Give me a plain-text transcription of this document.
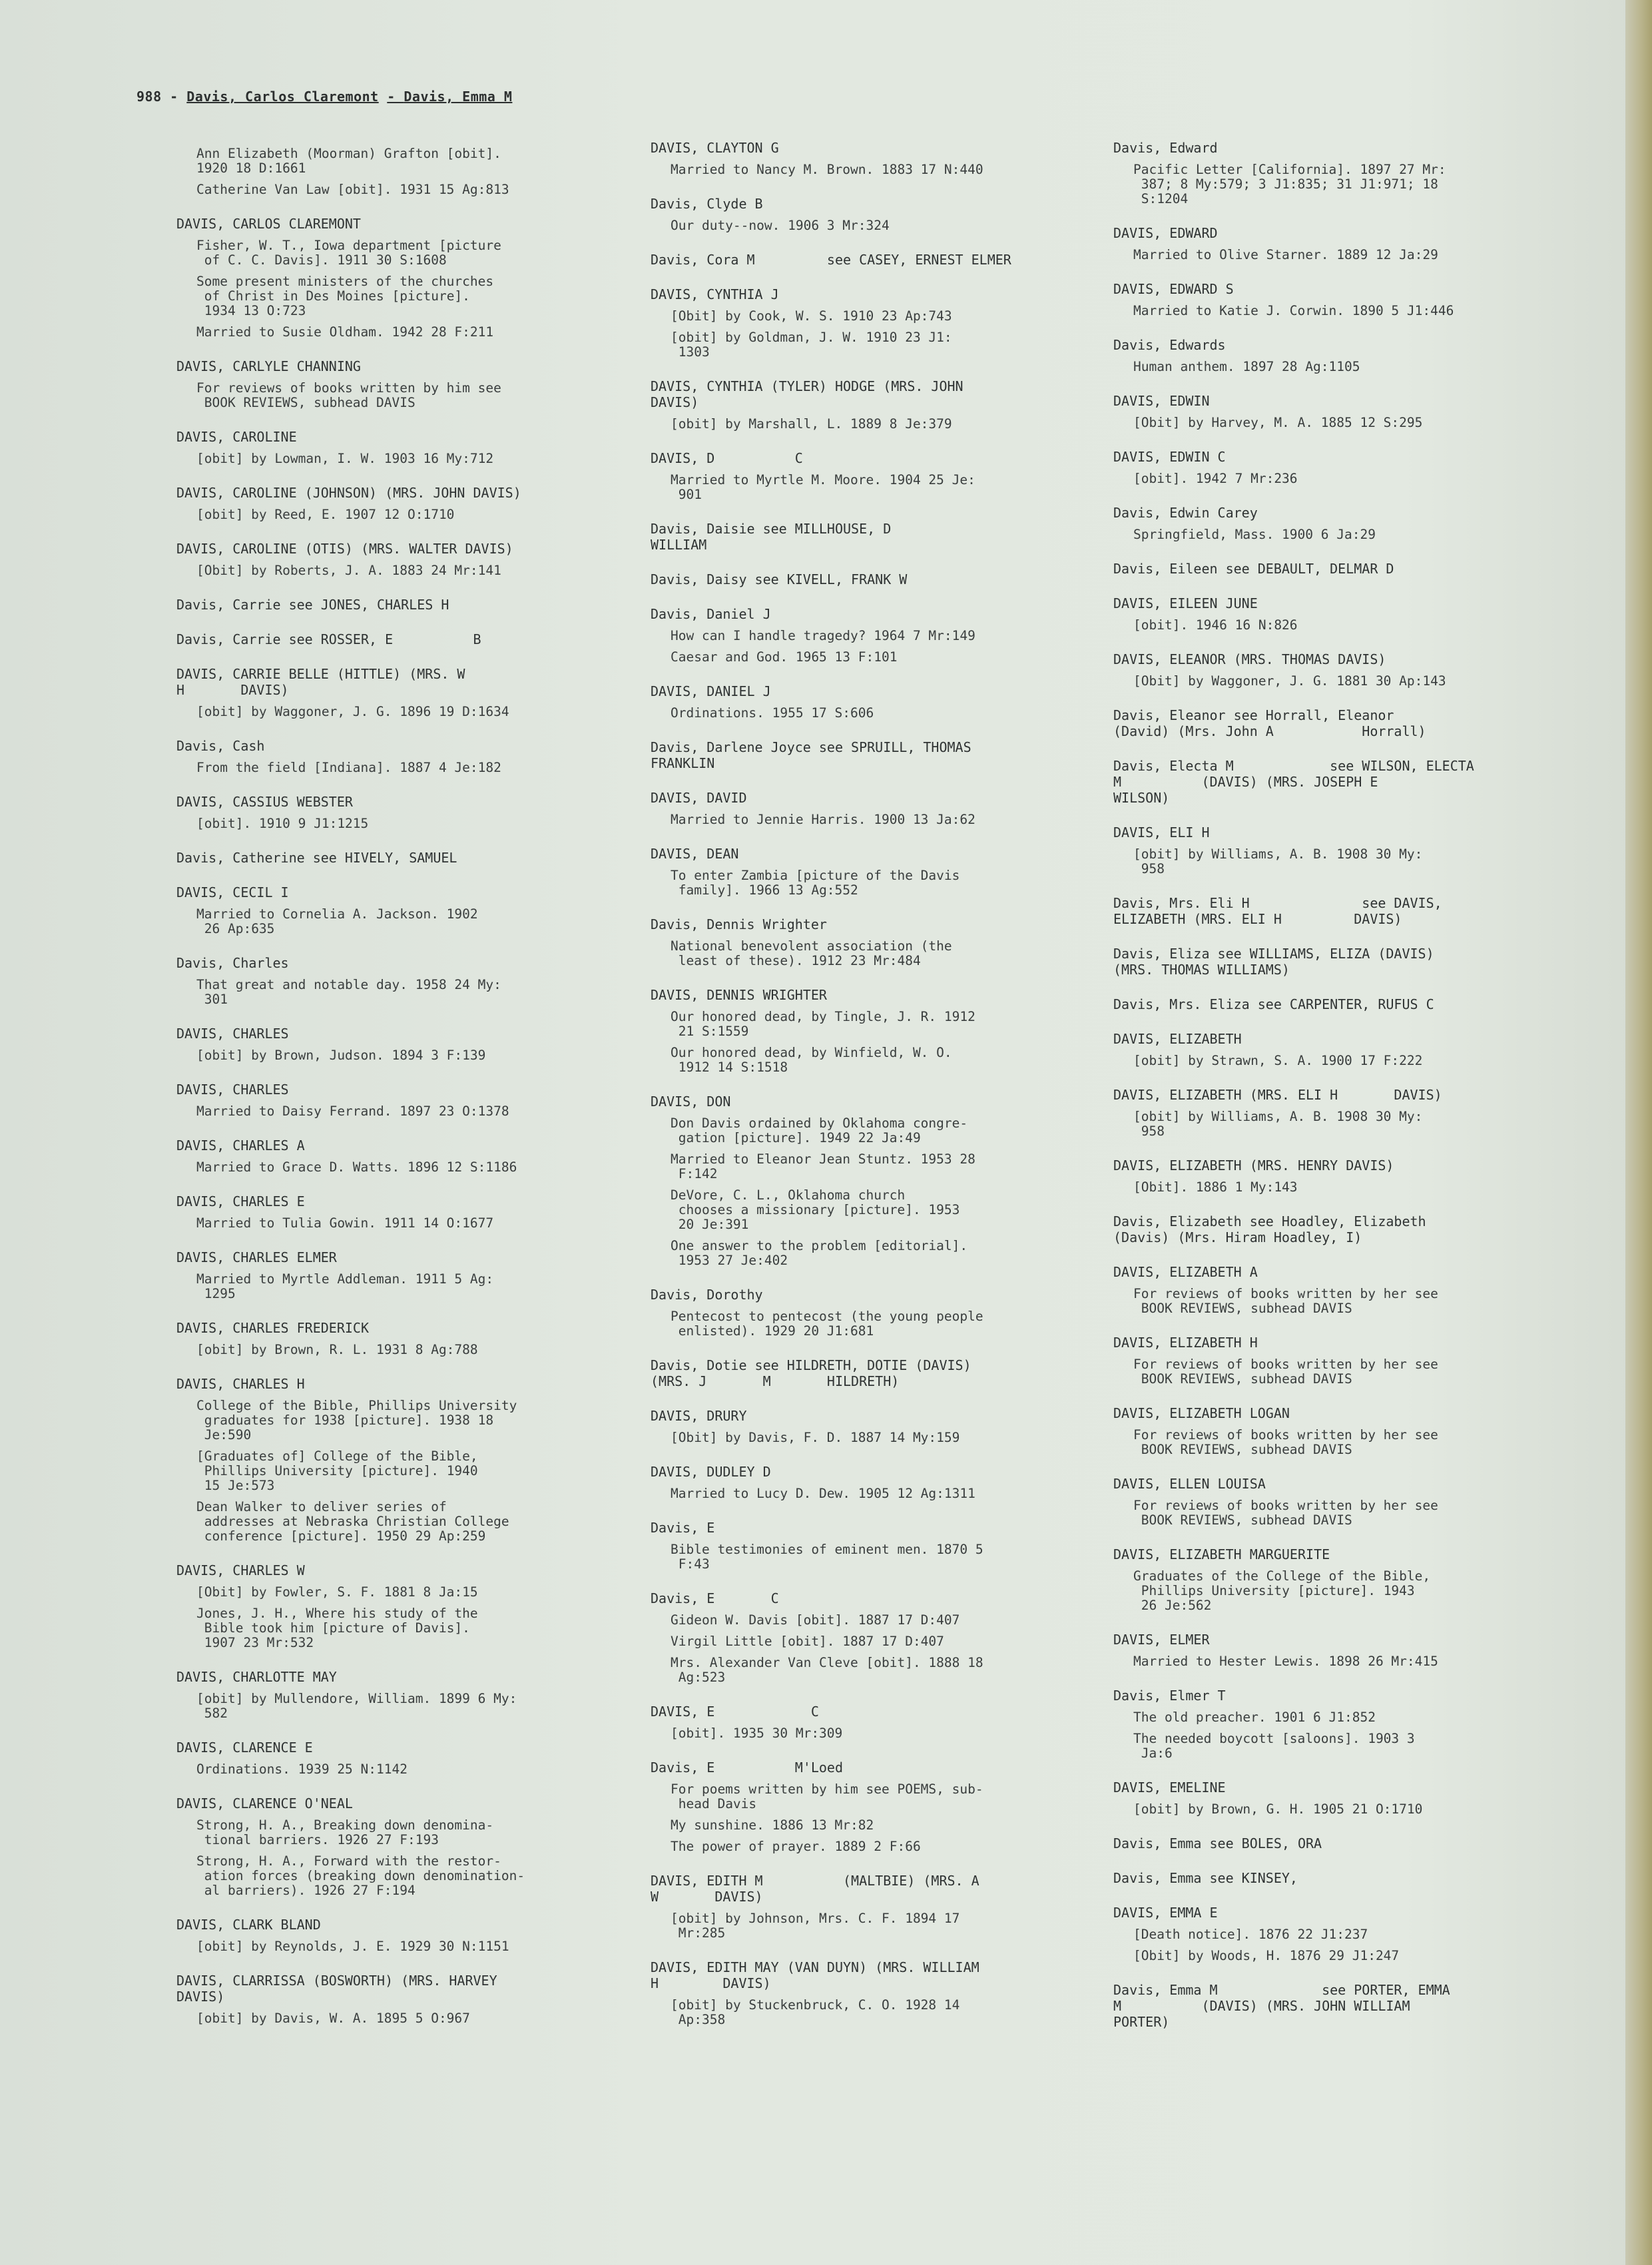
988 - Davis, Carlos Claremont - Davis, Emma M
Ann Elizabeth (Moorman) Grafton [obit].
1920 18 D:1661
Catherine Van Law [obit]. 1931 15 Ag:813
DAVIS, CARLOS CLAREMONT
Fisher, W. T., Iowa department [picture
of C. C. Davis]. 1911 30 S:1608
Some present ministers of the churches
of Christ in Des Moines [picture].
1934 13 O:723
Married to Susie Oldham. 1942 28 F:211
DAVIS, CARLYLE CHANNING
For reviews of books written by him see
BOOK REVIEWS, subhead DAVIS
DAVIS, CAROLINE
[obit] by Lowman, I. W. 1903 16 My:712
DAVIS, CAROLINE (JOHNSON) (MRS. JOHN DAVIS)
[obit] by Reed, E. 1907 12 O:1710
DAVIS, CAROLINE (OTIS) (MRS. WALTER DAVIS)
[Obit] by Roberts, J. A. 1883 24 Mr:141
Davis, Carrie see JONES, CHARLES H
Davis, Carrie see ROSSER, E          B
DAVIS, CARRIE BELLE (HITTLE) (MRS. W
H       DAVIS)
[obit] by Waggoner, J. G. 1896 19 D:1634
Davis, Cash
From the field [Indiana]. 1887 4 Je:182
DAVIS, CASSIUS WEBSTER
[obit]. 1910 9 J1:1215
Davis, Catherine see HIVELY, SAMUEL
DAVIS, CECIL I
Married to Cornelia A. Jackson. 1902
26 Ap:635
Davis, Charles
That great and notable day. 1958 24 My:
301
DAVIS, CHARLES
[obit] by Brown, Judson. 1894 3 F:139
DAVIS, CHARLES
Married to Daisy Ferrand. 1897 23 O:1378
DAVIS, CHARLES A
Married to Grace D. Watts. 1896 12 S:1186
DAVIS, CHARLES E
Married to Tulia Gowin. 1911 14 O:1677
DAVIS, CHARLES ELMER
Married to Myrtle Addleman. 1911 5 Ag:
1295
DAVIS, CHARLES FREDERICK
[obit] by Brown, R. L. 1931 8 Ag:788
DAVIS, CHARLES H
College of the Bible, Phillips University
graduates for 1938 [picture]. 1938 18
Je:590
[Graduates of] College of the Bible,
Phillips University [picture]. 1940
15 Je:573
Dean Walker to deliver series of
addresses at Nebraska Christian College
conference [picture]. 1950 29 Ap:259
DAVIS, CHARLES W
[Obit] by Fowler, S. F. 1881 8 Ja:15
Jones, J. H., Where his study of the
Bible took him [picture of Davis].
1907 23 Mr:532
DAVIS, CHARLOTTE MAY
[obit] by Mullendore, William. 1899 6 My:
582
DAVIS, CLARENCE E
Ordinations. 1939 25 N:1142
DAVIS, CLARENCE O'NEAL
Strong, H. A., Breaking down denomina-
tional barriers. 1926 27 F:193
Strong, H. A., Forward with the restor-
ation forces (breaking down denomination-
al barriers). 1926 27 F:194
DAVIS, CLARK BLAND
[obit] by Reynolds, J. E. 1929 30 N:1151
DAVIS, CLARRISSA (BOSWORTH) (MRS. HARVEY
DAVIS)
[obit] by Davis, W. A. 1895 5 O:967
DAVIS, CLAYTON G
Married to Nancy M. Brown. 1883 17 N:440
Davis, Clyde B
Our duty--now. 1906 3 Mr:324
Davis, Cora M         see CASEY, ERNEST ELMER
DAVIS, CYNTHIA J
[Obit] by Cook, W. S. 1910 23 Ap:743
[obit] by Goldman, J. W. 1910 23 J1:
1303
DAVIS, CYNTHIA (TYLER) HODGE (MRS. JOHN
DAVIS)
[obit] by Marshall, L. 1889 8 Je:379
DAVIS, D          C
Married to Myrtle M. Moore. 1904 25 Je:
901
Davis, Daisie see MILLHOUSE, D
WILLIAM
Davis, Daisy see KIVELL, FRANK W
Davis, Daniel J
How can I handle tragedy? 1964 7 Mr:149
Caesar and God. 1965 13 F:101
DAVIS, DANIEL J
Ordinations. 1955 17 S:606
Davis, Darlene Joyce see SPRUILL, THOMAS
FRANKLIN
DAVIS, DAVID
Married to Jennie Harris. 1900 13 Ja:62
DAVIS, DEAN
To enter Zambia [picture of the Davis
family]. 1966 13 Ag:552
Davis, Dennis Wrighter
National benevolent association (the
least of these). 1912 23 Mr:484
DAVIS, DENNIS WRIGHTER
Our honored dead, by Tingle, J. R. 1912
21 S:1559
Our honored dead, by Winfield, W. O.
1912 14 S:1518
DAVIS, DON
Don Davis ordained by Oklahoma congre-
gation [picture]. 1949 22 Ja:49
Married to Eleanor Jean Stuntz. 1953 28
F:142
DeVore, C. L., Oklahoma church
chooses a missionary [picture]. 1953
20 Je:391
One answer to the problem [editorial].
1953 27 Je:402
Davis, Dorothy
Pentecost to pentecost (the young people
enlisted). 1929 20 J1:681
Davis, Dotie see HILDRETH, DOTIE (DAVIS)
(MRS. J       M       HILDRETH)
DAVIS, DRURY
[Obit] by Davis, F. D. 1887 14 My:159
DAVIS, DUDLEY D
Married to Lucy D. Dew. 1905 12 Ag:1311
Davis, E
Bible testimonies of eminent men. 1870 5
F:43
Davis, E       C
Gideon W. Davis [obit]. 1887 17 D:407
Virgil Little [obit]. 1887 17 D:407
Mrs. Alexander Van Cleve [obit]. 1888 18
Ag:523
DAVIS, E            C
[obit]. 1935 30 Mr:309
Davis, E          M'Loed
For poems written by him see POEMS, sub-
head Davis
My sunshine. 1886 13 Mr:82
The power of prayer. 1889 2 F:66
DAVIS, EDITH M          (MALTBIE) (MRS. A
W       DAVIS)
[obit] by Johnson, Mrs. C. F. 1894 17
Mr:285
DAVIS, EDITH MAY (VAN DUYN) (MRS. WILLIAM
H        DAVIS)
[obit] by Stuckenbruck, C. O. 1928 14
Ap:358
Davis, Edward
Pacific Letter [California]. 1897 27 Mr:
387; 8 My:579; 3 J1:835; 31 J1:971; 18
S:1204
DAVIS, EDWARD
Married to Olive Starner. 1889 12 Ja:29
DAVIS, EDWARD S
Married to Katie J. Corwin. 1890 5 J1:446
Davis, Edwards
Human anthem. 1897 28 Ag:1105
DAVIS, EDWIN
[Obit] by Harvey, M. A. 1885 12 S:295
DAVIS, EDWIN C
[obit]. 1942 7 Mr:236
Davis, Edwin Carey
Springfield, Mass. 1900 6 Ja:29
Davis, Eileen see DEBAULT, DELMAR D
DAVIS, EILEEN JUNE
[obit]. 1946 16 N:826
DAVIS, ELEANOR (MRS. THOMAS DAVIS)
[Obit] by Waggoner, J. G. 1881 30 Ap:143
Davis, Eleanor see Horrall, Eleanor
(David) (Mrs. John A           Horrall)
Davis, Electa M            see WILSON, ELECTA
M          (DAVIS) (MRS. JOSEPH E
WILSON)
DAVIS, ELI H
[obit] by Williams, A. B. 1908 30 My:
958
Davis, Mrs. Eli H              see DAVIS,
ELIZABETH (MRS. ELI H         DAVIS)
Davis, Eliza see WILLIAMS, ELIZA (DAVIS)
(MRS. THOMAS WILLIAMS)
Davis, Mrs. Eliza see CARPENTER, RUFUS C
DAVIS, ELIZABETH
[obit] by Strawn, S. A. 1900 17 F:222
DAVIS, ELIZABETH (MRS. ELI H       DAVIS)
[obit] by Williams, A. B. 1908 30 My:
958
DAVIS, ELIZABETH (MRS. HENRY DAVIS)
[Obit]. 1886 1 My:143
Davis, Elizabeth see Hoadley, Elizabeth
(Davis) (Mrs. Hiram Hoadley, I)
DAVIS, ELIZABETH A
For reviews of books written by her see
BOOK REVIEWS, subhead DAVIS
DAVIS, ELIZABETH H
For reviews of books written by her see
BOOK REVIEWS, subhead DAVIS
DAVIS, ELIZABETH LOGAN
For reviews of books written by her see
BOOK REVIEWS, subhead DAVIS
DAVIS, ELLEN LOUISA
For reviews of books written by her see
BOOK REVIEWS, subhead DAVIS
DAVIS, ELIZABETH MARGUERITE
Graduates of the College of the Bible,
Phillips University [picture]. 1943
26 Je:562
DAVIS, ELMER
Married to Hester Lewis. 1898 26 Mr:415
Davis, Elmer T
The old preacher. 1901 6 J1:852
The needed boycott [saloons]. 1903 3
Ja:6
DAVIS, EMELINE
[obit] by Brown, G. H. 1905 21 O:1710
Davis, Emma see BOLES, ORA
Davis, Emma see KINSEY,
DAVIS, EMMA E
[Death notice]. 1876 22 J1:237
[Obit] by Woods, H. 1876 29 J1:247
Davis, Emma M             see PORTER, EMMA
M          (DAVIS) (MRS. JOHN WILLIAM
PORTER)
